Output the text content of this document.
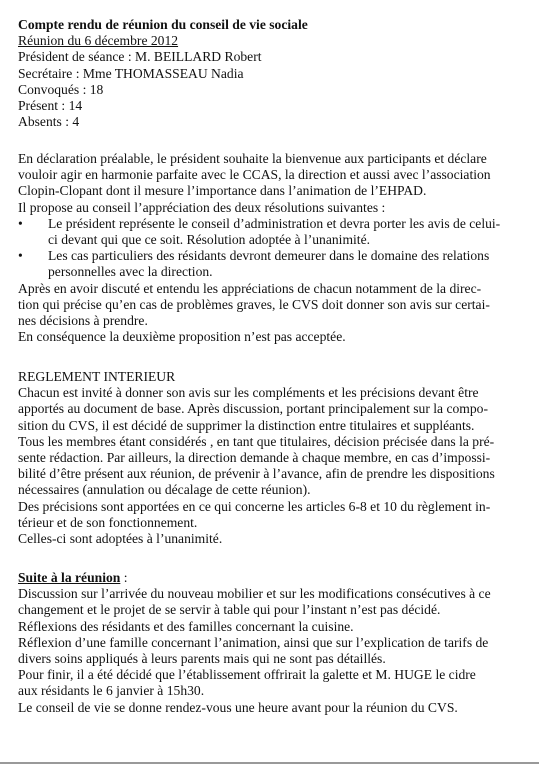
Compte rendu de réunion du conseil de vie sociale
Réunion du 6 décembre 2012
Président de séance : M. BEILLARD Robert
Secrétaire : Mme THOMASSEAU Nadia
Convoqués : 18
Présent : 14
Absents : 4
En déclaration préalable, le président souhaite la bienvenue aux participants et déclare
vouloir agir en harmonie parfaite avec le CCAS, la direction et aussi avec l’association
Clopin-Clopant dont il mesure l’importance dans l’animation de l’EHPAD.
Il propose au conseil l’appréciation des deux résolutions suivantes :
•	Le président représente le conseil d’administration et devra porter les avis de celui-
ci devant qui que ce soit. Résolution adoptée à l’unanimité.
•	Les cas particuliers des résidants devront demeurer dans le domaine des relations
personnelles avec la direction.
Après en avoir discuté et entendu les appréciations de chacun notamment de la direc-
tion qui précise qu’en cas de problèmes graves, le CVS doit donner son avis sur certai-
nes décisions à prendre.
En conséquence la deuxième proposition n’est pas acceptée.
REGLEMENT INTERIEUR
Chacun est invité à donner son avis sur les compléments et les précisions devant être
apportés au document de base. Après discussion, portant principalement sur la compo-
sition du CVS, il est décidé de supprimer la distinction entre titulaires et suppléants.
Tous les membres étant considérés , en tant que titulaires, décision précisée dans la pré-
sente rédaction. Par ailleurs, la direction demande à chaque membre, en cas d’impossi-
bilité d’être présent aux réunion, de prévenir à l’avance, afin de prendre les dispositions
nécessaires (annulation ou décalage de cette réunion).
Des précisions sont apportées en ce qui concerne les articles 6-8 et 10 du règlement in-
térieur et de son fonctionnement.
Celles-ci sont adoptées à l’unanimité.
Suite à la réunion :
Discussion sur l’arrivée du nouveau mobilier et sur les modifications consécutives à ce
changement et le projet de se servir à table qui pour l’instant n’est pas décidé.
Réflexions des résidants et des familles concernant la cuisine.
Réflexion d’une famille concernant l’animation, ainsi que sur l’explication de tarifs de
divers soins appliqués à leurs parents mais qui ne sont pas détaillés.
Pour finir, il a été décidé que l’établissement offrirait la galette et M. HUGE le cidre
aux résidants le 6 janvier à 15h30.
Le conseil de vie se donne rendez-vous une heure avant pour la réunion du CVS.
